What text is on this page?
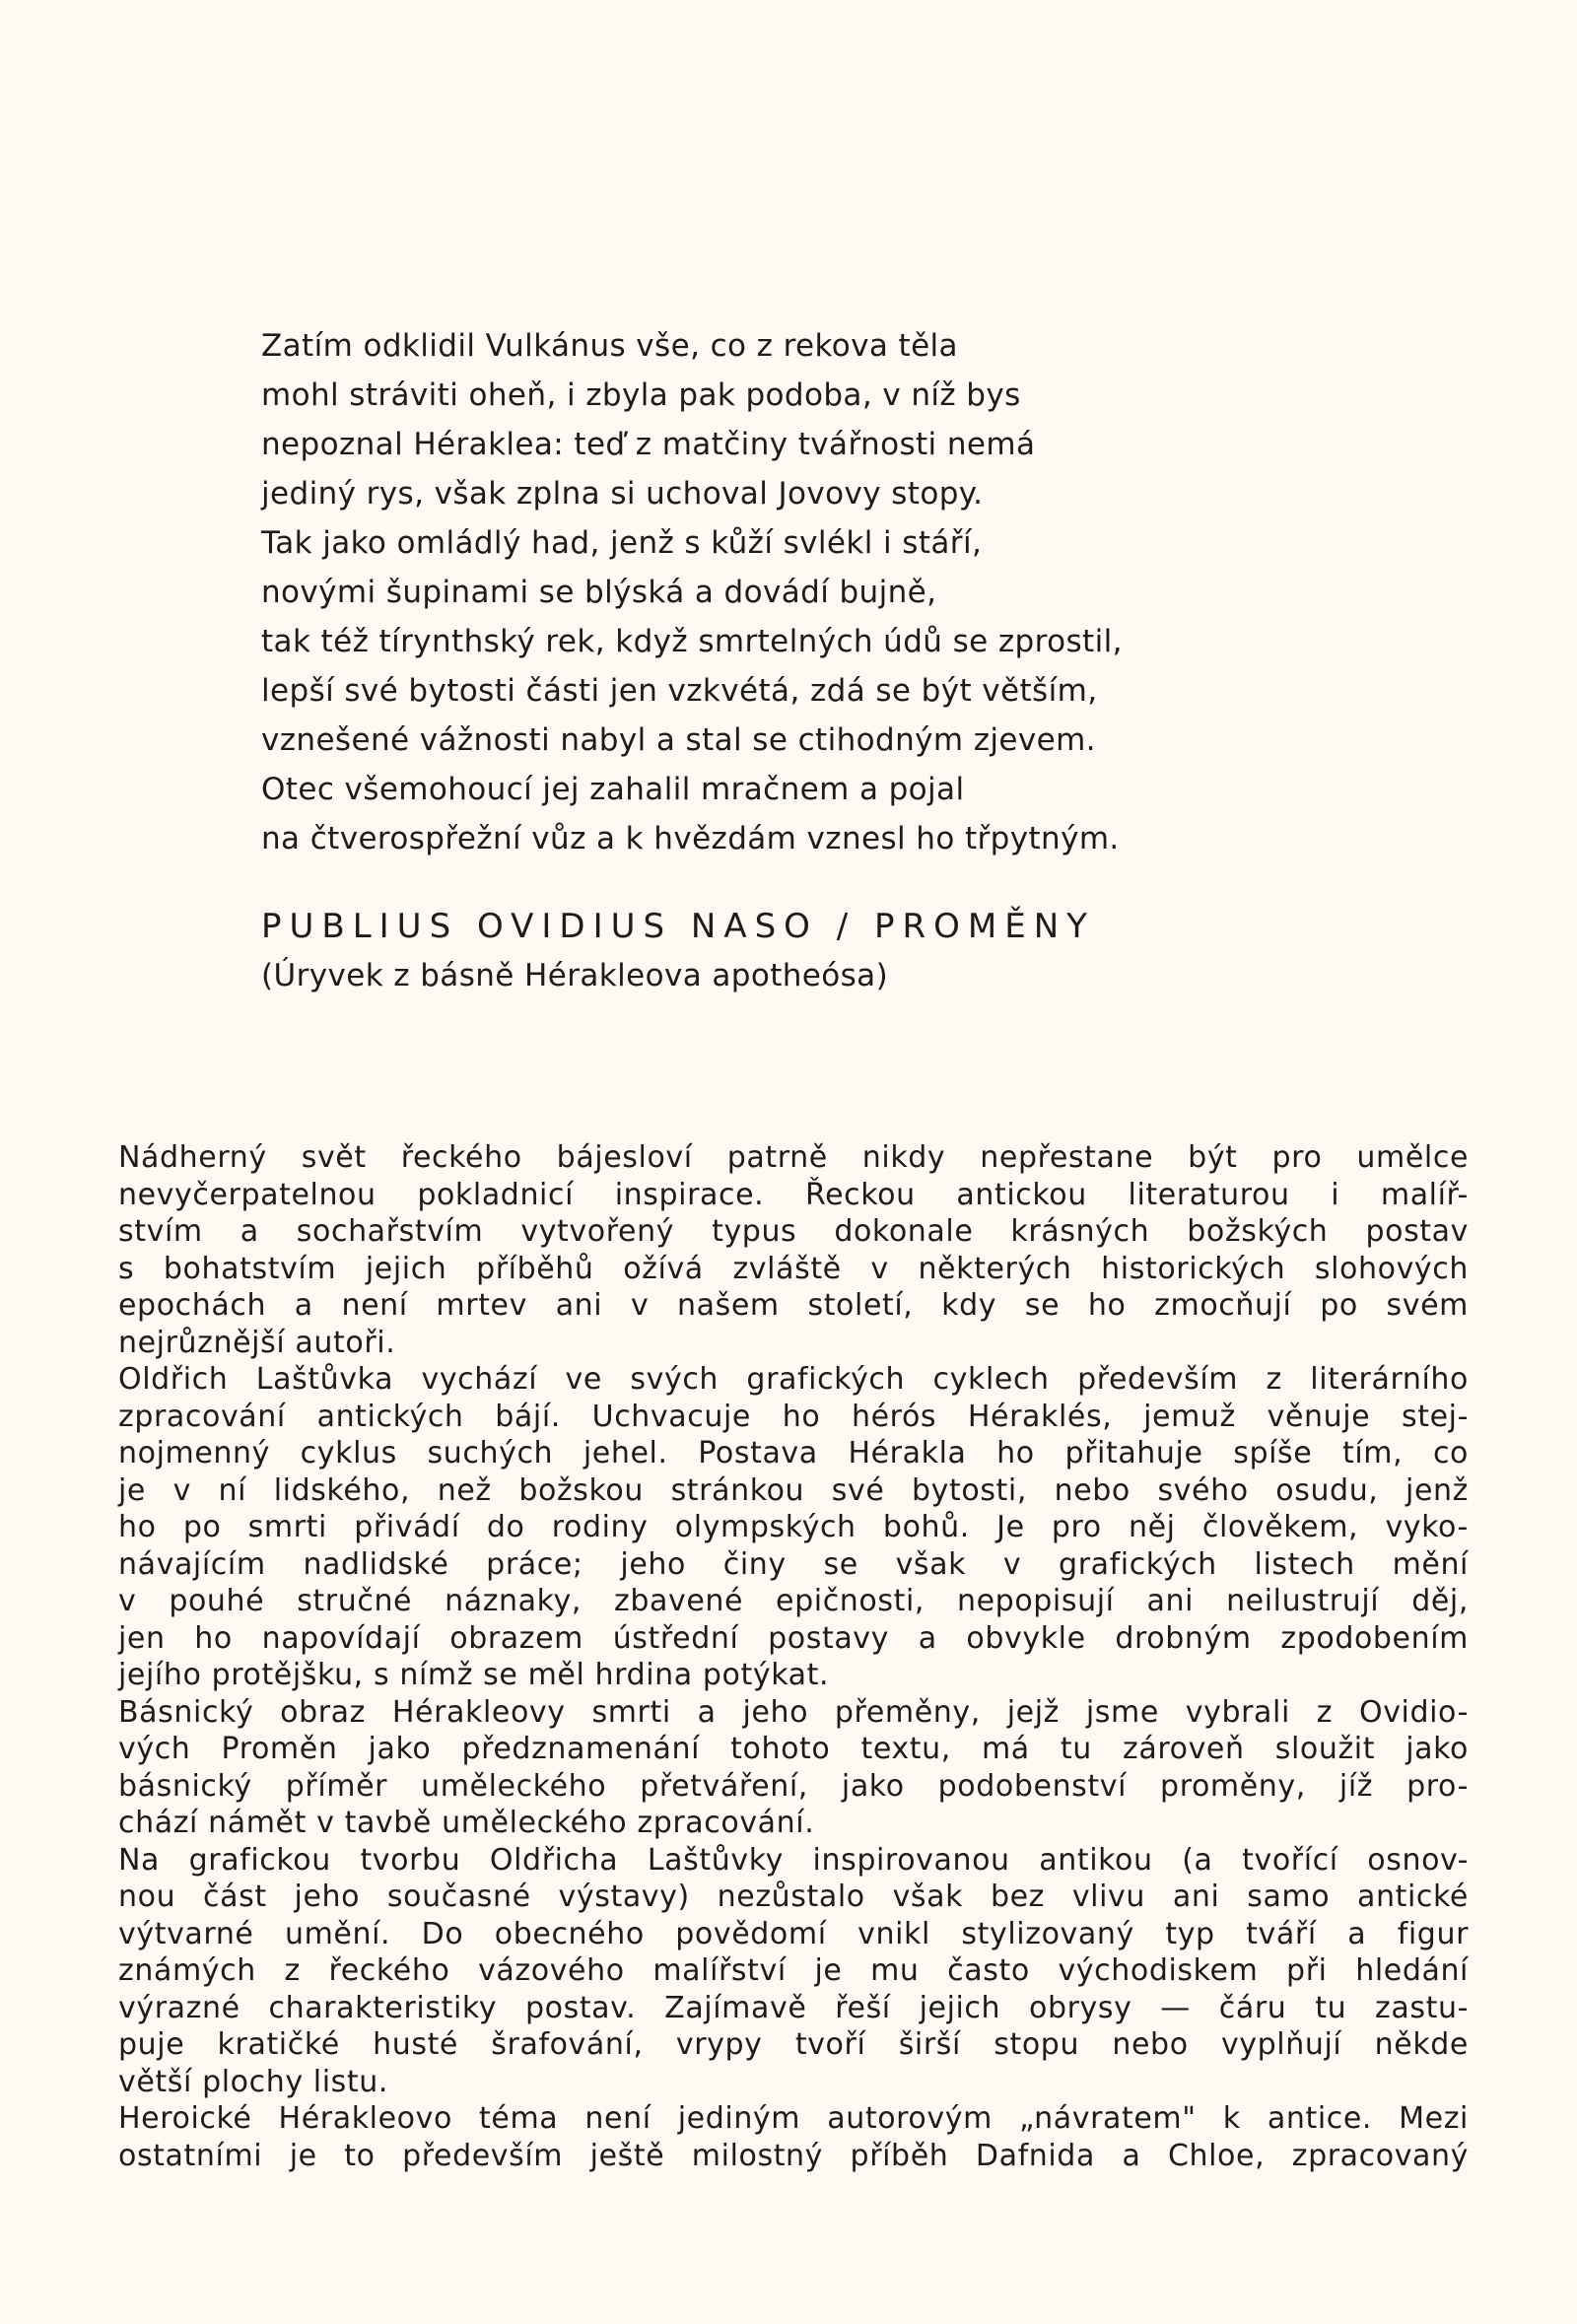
Zatím odklidil Vulkánus vše, co z rekova těla
mohl stráviti oheň, i zbyla pak podoba, v níž bys
nepoznal Héraklea: teď z matčiny tvářnosti nemá
jediný rys, však zplna si uchoval Jovovy stopy.
Tak jako omládlý had, jenž s kůží svlékl i stáří,
novými šupinami se blýská a dovádí bujně,
tak též tírynthský rek, když smrtelných údů se zprostil,
lepší své bytosti části jen vzkvétá, zdá se být větším,
vznešené vážnosti nabyl a stal se ctihodným zjevem.
Otec všemohoucí jej zahalil mračnem a pojal
na čtverospřežní vůz a k hvězdám vznesl ho třpytným.
PUBLIUS OVIDIUS NASO / PROMĚNY
(Úryvek z básně Hérakleova apotheósa)
Nádherný svět řeckého bájesloví patrně nikdy nepřestane být pro umělce
nevyčerpatelnou pokladnicí inspirace. Řeckou antickou literaturou i malíř-
stvím a sochařstvím vytvořený typus dokonale krásných božských postav
s bohatstvím jejich příběhů ožívá zvláště v některých historických slohových
epochách a není mrtev ani v našem století, kdy se ho zmocňují po svém
nejrůznější autoři.
Oldřich Laštůvka vychází ve svých grafických cyklech především z literárního
zpracování antických bájí. Uchvacuje ho hérós Héraklés, jemuž věnuje stej-
nojmenný cyklus suchých jehel. Postava Hérakla ho přitahuje spíše tím, co
je v ní lidského, než božskou stránkou své bytosti, nebo svého osudu, jenž
ho po smrti přivádí do rodiny olympských bohů. Je pro něj člověkem, vyko-
návajícím nadlidské práce; jeho činy se však v grafických listech mění
v pouhé stručné náznaky, zbavené epičnosti, nepopisují ani neilustrují děj,
jen ho napovídají obrazem ústřední postavy a obvykle drobným zpodobením
jejího protějšku, s nímž se měl hrdina potýkat.
Básnický obraz Hérakleovy smrti a jeho přeměny, jejž jsme vybrali z Ovidio-
vých Proměn jako předznamenání tohoto textu, má tu zároveň sloužit jako
básnický příměr uměleckého přetváření, jako podobenství proměny, jíž pro-
chází námět v tavbě uměleckého zpracování.
Na grafickou tvorbu Oldřicha Laštůvky inspirovanou antikou (a tvořící osnov-
nou část jeho současné výstavy) nezůstalo však bez vlivu ani samo antické
výtvarné umění. Do obecného povědomí vnikl stylizovaný typ tváří a figur
známých z řeckého vázového malířství je mu často východiskem při hledání
výrazné charakteristiky postav. Zajímavě řeší jejich obrysy — čáru tu zastu-
puje kratičké husté šrafování, vrypy tvoří širší stopu nebo vyplňují někde
větší plochy listu.
Heroické Hérakleovo téma není jediným autorovým „návratem" k antice. Mezi
ostatními je to především ještě milostný příběh Dafnida a Chloe, zpracovaný
